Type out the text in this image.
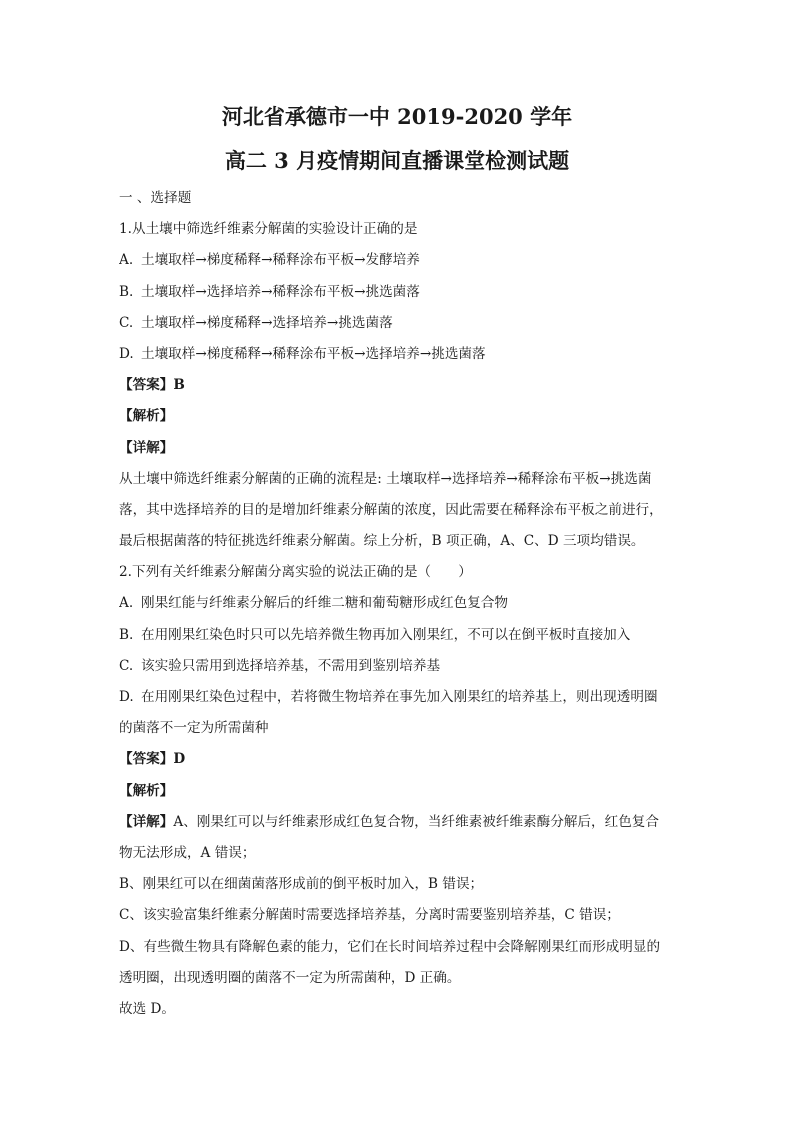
河北省承德市一中 2019-2020 学年

高二 3 月疫情期间直播课堂检测试题

一 、选择题
1.从土壤中筛选纤维素分解菌的实验设计正确的是
A. 土壤取样→梯度稀释→稀释涂布平板→发酵培养
B. 土壤取样→选择培养→稀释涂布平板→挑选菌落
C. 土壤取样→梯度稀释→选择培养→挑选菌落
D. 土壤取样→梯度稀释→稀释涂布平板→选择培养→挑选菌落
【答案】B
【解析】
【详解】
从土壤中筛选纤维素分解菌的正确的流程是: 土壤取样→选择培养→稀释涂布平板→挑选菌
落，其中选择培养的目的是增加纤维素分解菌的浓度，因此需要在稀释涂布平板之前进行，
最后根据菌落的特征挑选纤维素分解菌。综上分析，B 项正确，A、C、D 三项均错误。
2.下列有关纤维素分解菌分离实验的说法正确的是（　　）
A. 刚果红能与纤维素分解后的纤维二糖和葡萄糖形成红色复合物
B. 在用刚果红染色时只可以先培养微生物再加入刚果红，不可以在倒平板时直接加入
C. 该实验只需用到选择培养基，不需用到鉴别培养基
D. 在用刚果红染色过程中，若将微生物培养在事先加入刚果红的培养基上，则出现透明圈
的菌落不一定为所需菌种
【答案】D
【解析】
【详解】A、刚果红可以与纤维素形成红色复合物，当纤维素被纤维素酶分解后，红色复合
物无法形成，A 错误；
B、刚果红可以在细菌菌落形成前的倒平板时加入，B 错误；
C、该实验富集纤维素分解菌时需要选择培养基，分离时需要鉴别培养基，C 错误；
D、有些微生物具有降解色素的能力，它们在长时间培养过程中会降解刚果红而形成明显的
透明圈，出现透明圈的菌落不一定为所需菌种，D 正确。
故选 D。
